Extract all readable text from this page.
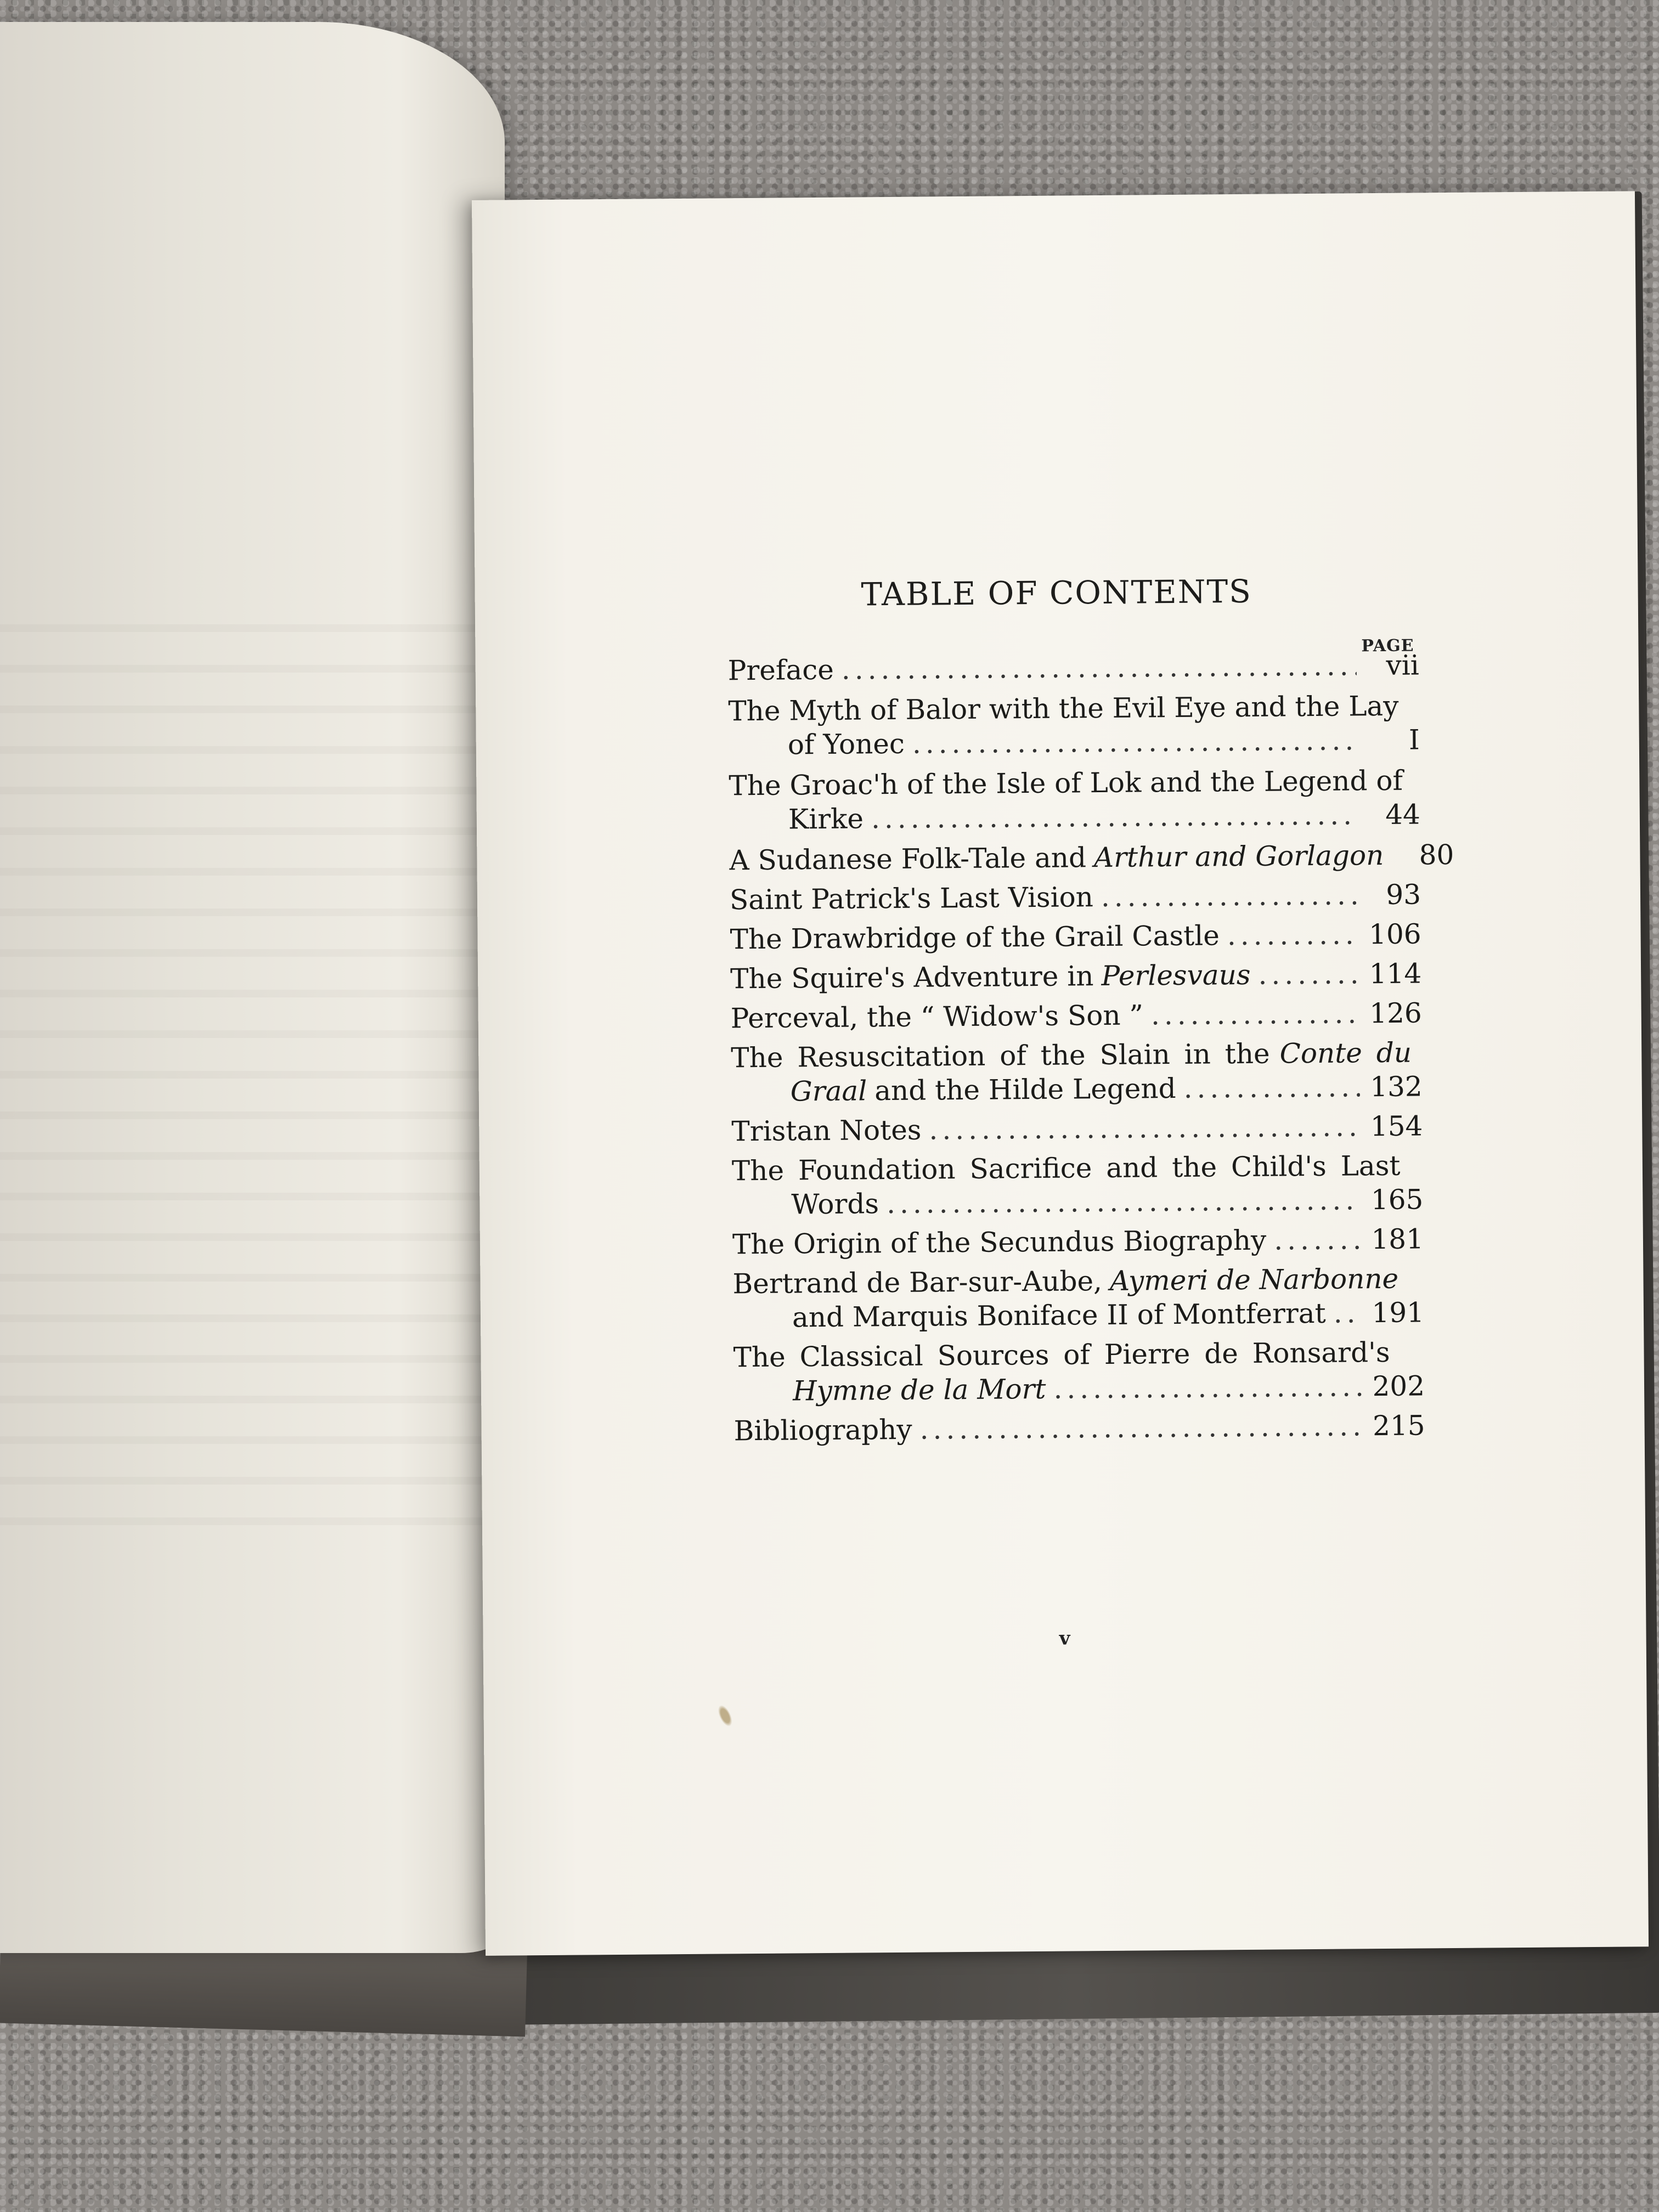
TABLE OF CONTENTS
PAGE
Preface .....	vii
The Myth of Balor with the Evil Eye and the Lay
of Yonec .....	I
The Groac'h of the Isle of Lok and the Legend of
Kirke .....	44
A Sudanese Folk-Tale and Arthur and Gorlagon .....	80
Saint Patrick's Last Vision .....	93
The Drawbridge of the Grail Castle .....	106
The Squire's Adventure in Perlesvaus .....	114
Perceval, the “ Widow's Son ” .....	126
The Resuscitation of the Slain in the Conte du
Graal and the Hilde Legend .....	132
Tristan Notes .....	154
The Foundation Sacrifice and the Child's Last
Words .....	165
The Origin of the Secundus Biography .....	181
Bertrand de Bar-sur-Aube, Aymeri de Narbonne
and Marquis Boniface II of Montferrat ..... 191
The Classical Sources of Pierre de Ronsard's
Hymne de la Mort .....	202
Bibliography .....	215
v
